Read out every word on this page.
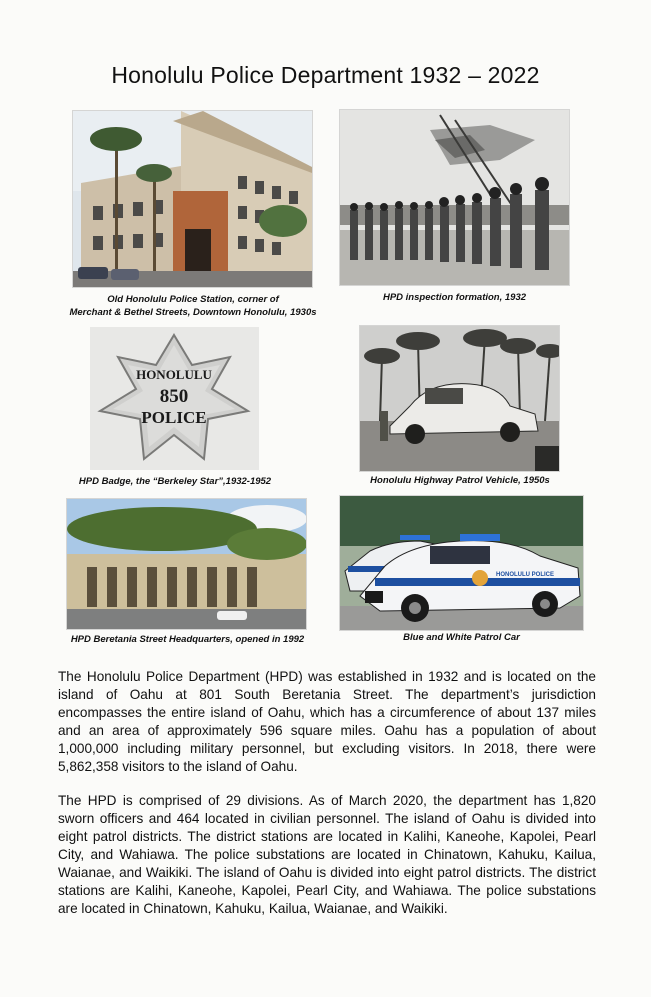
Honolulu Police Department 1932 – 2022
Old Honolulu Police Station, corner of
Merchant & Bethel Streets, Downtown Honolulu, 1930s
HPD inspection formation, 1932
HONOLULU
850
POLICE
HPD Badge, the “Berkeley Star”,1932-1952	Honolulu Highway Patrol Vehicle, 1950s
HPD Beretania Street Headquarters, opened in 1992
HONOLULU POLICE
Blue and White Patrol Car

The Honolulu Police Department (HPD) was established in 1932 and is located on the island of Oahu at 801 South Beretania Street. The department’s jurisdiction encompasses the entire island of Oahu, which has a circumference of about 137 miles and an area of approximately 596 square miles. Oahu has a population of about 1,000,000 including military personnel, but excluding visitors. In 2018, there were 5,862,358 visitors to the island of Oahu.

The HPD is comprised of 29 divisions. As of March 2020, the department has 1,820 sworn officers and 464 located in civilian personnel. The island of Oahu is divided into eight patrol districts. The district stations are located in Kalihi, Kaneohe, Kapolei, Pearl City, and Wahiawa. The police substations are located in Chinatown, Kahuku, Kailua, Waianae, and Waikiki. The island of Oahu is divided into eight patrol districts. The district stations are Kalihi, Kaneohe, Kapolei, Pearl City, and Wahiawa. The police substations are located in Chinatown, Kahuku, Kailua, Waianae, and Waikiki.
